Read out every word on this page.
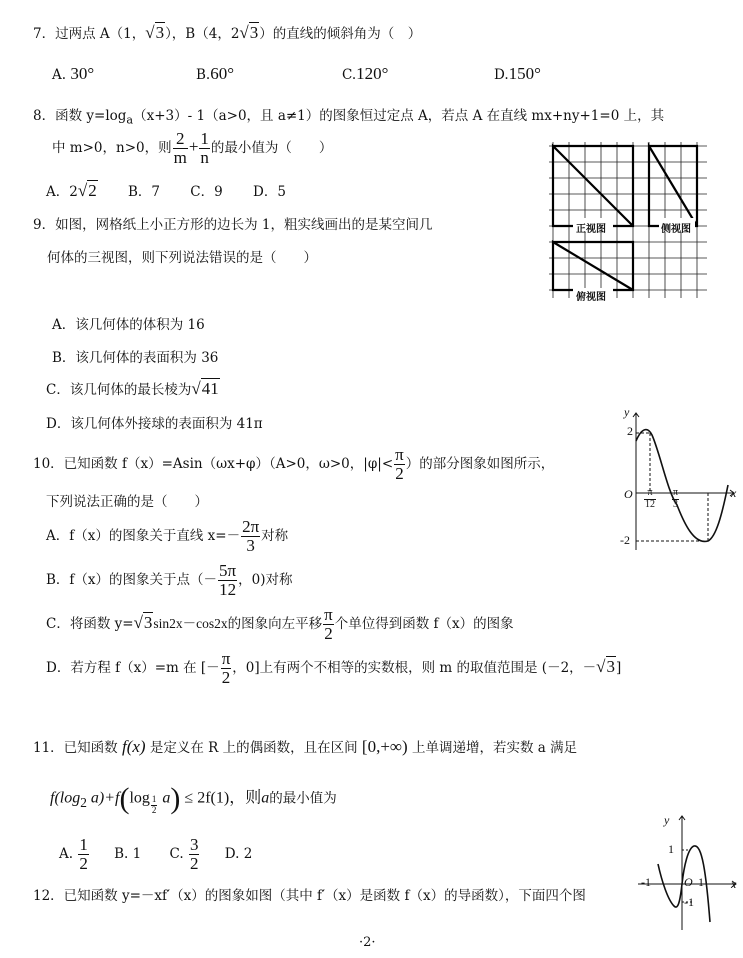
7．过两点 A（1，√3），B（4，2√3）的直线的倾斜角为（　）
A. 30°	B.60°	C.120°	D.150°
8．函数 $y=\log_a(x+3)-$ 1（a>0，且 a≠1）的图象恒过定点 A，若点 A 在直线 mx+ny+1=0 上，其
中 m>0，n>0，则 $\frac{2}{m} + \frac{1}{n}$ 的最小值为（　　）
A．2√2 B．7 C．9 D．5
正视图	侧视图
俯视图
9．如图，网格纸上小正方形的边长为 1，粗实线画出的是某空间几
何体的三视图，则下列说法错误的是（　　）
A．该几何体的体积为 16
B．该几何体的表面积为 36
C．该几何体的最长棱为√41
D．该几何体外接球的表面积为 41π
y
x
O
2
-2
$\frac{\pi}{12} \frac{\pi}{3}$
10．已知函数 f（x）=Asin（ωx+φ）（A>0，ω>0，$|\varphi|< \frac{\pi}{2}$ ）的部分图象如图所示，
下列说法正确的是（　　）
A．f（x）的图象关于直线 $x=- \frac{2\pi}{3}$ 对称
B．f（x）的图象关于点（－ $\frac{5\pi}{12}$ ，0)对称
C．将函数 y=√3sin2x－cos2x的图象向左平移 $\frac{\pi}{2}$ 个单位得到函数 f（x）的图象
D．若方程 f（x）=m 在 [－ $\frac{\pi}{2}$ ，0]上有两个不相等的实数根，则 m 的取值范围是 (－2，－√3]
11．已知函数 f(x) 是定义在 R 上的偶函数，且在区间 [0,+∞) 上单调递增，若实数 a 满足
$f(\log_2$ $a)+f(\log \frac{1}{2} a) \le 2f(1)$，则a的最小值为
A. $\frac{1}{2} B$. 1 C. $\frac{3}{2} D$. 2
y
x
O
1
-1
-1	1
12．已知函数 y=－xf′（x）的图象如图（其中 f′（x）是函数 f（x）的导函数），下面四个图
·2·
